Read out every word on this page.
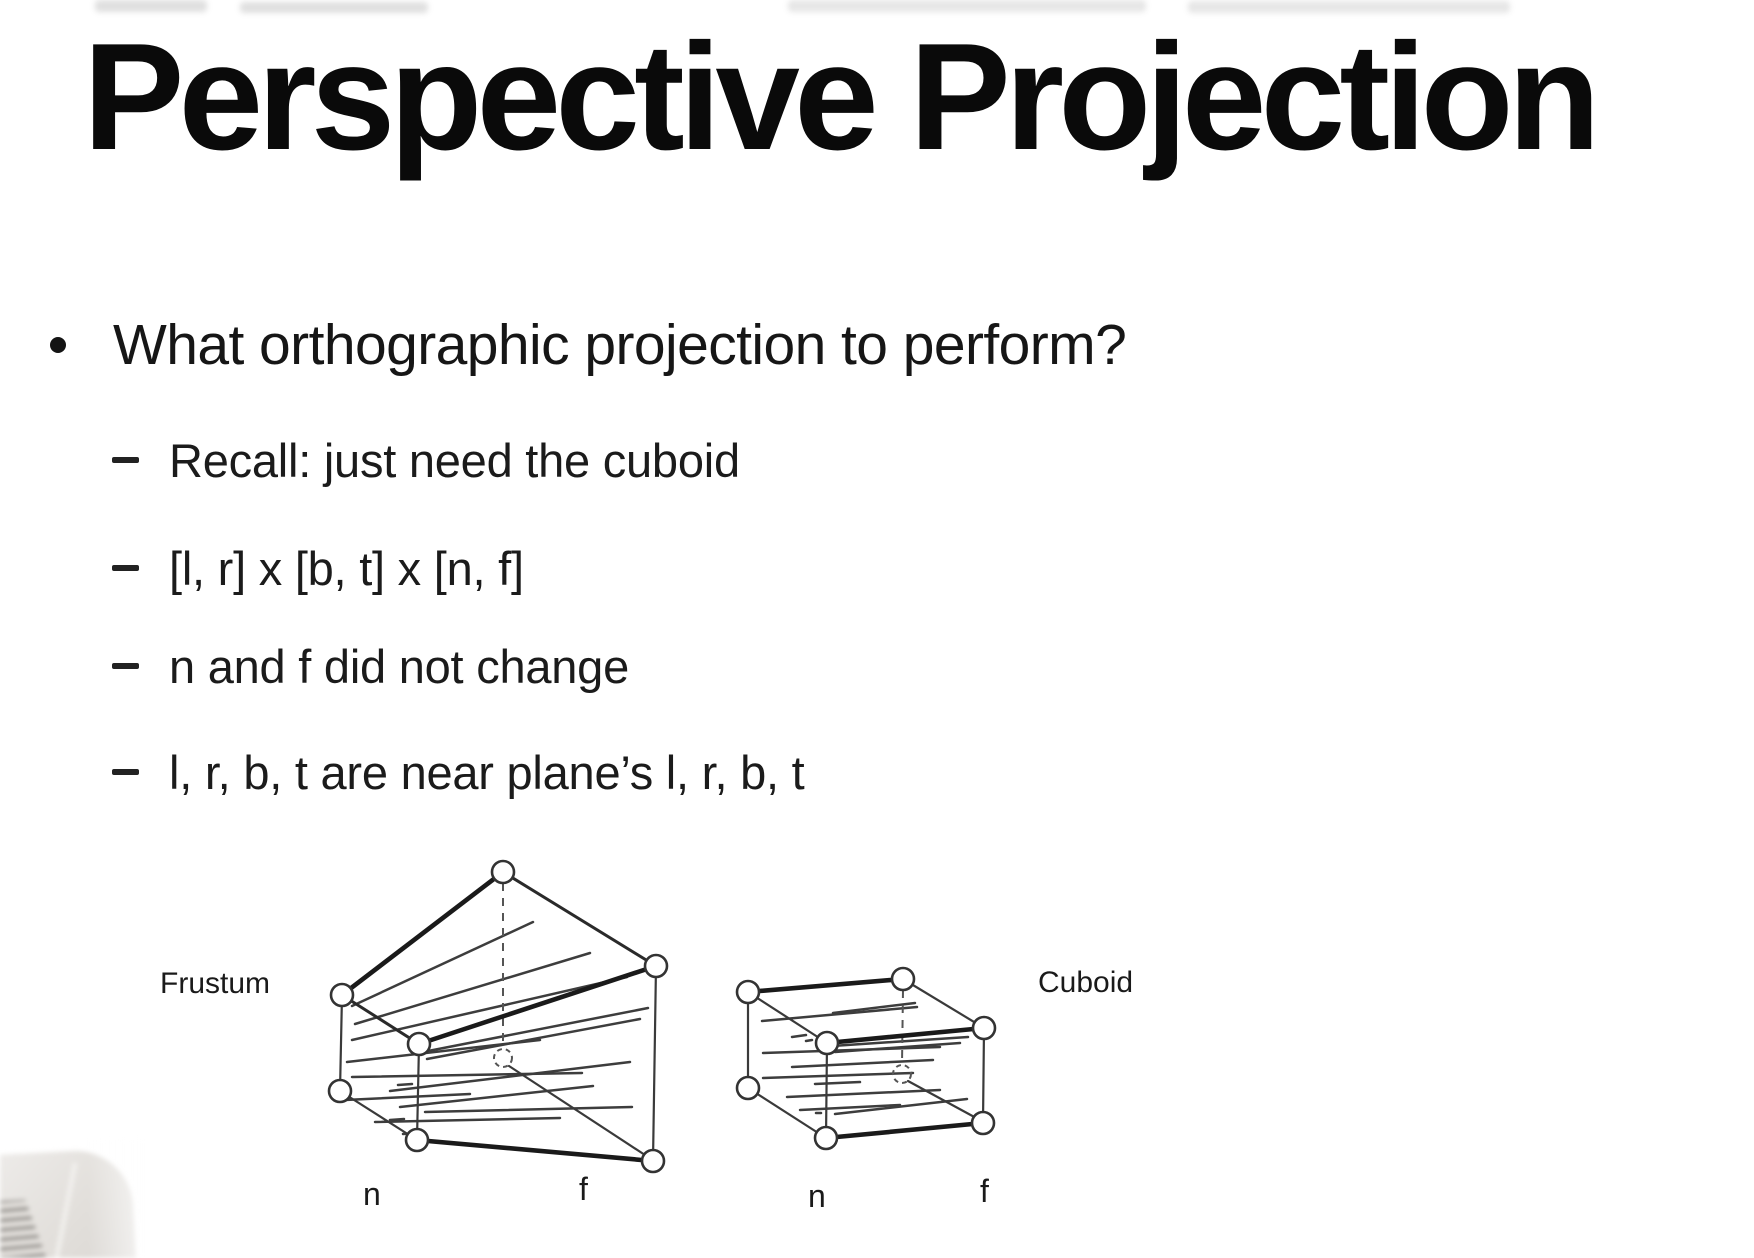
Perspective Projection
What orthographic projection to perform?
Recall: just need the cuboid
[l, r] x [b, t] x [n, f]
n and f did not change
l, r, b, t are near plane’s l, r, b, t
Frustum	Cuboid
n	f	n	f
